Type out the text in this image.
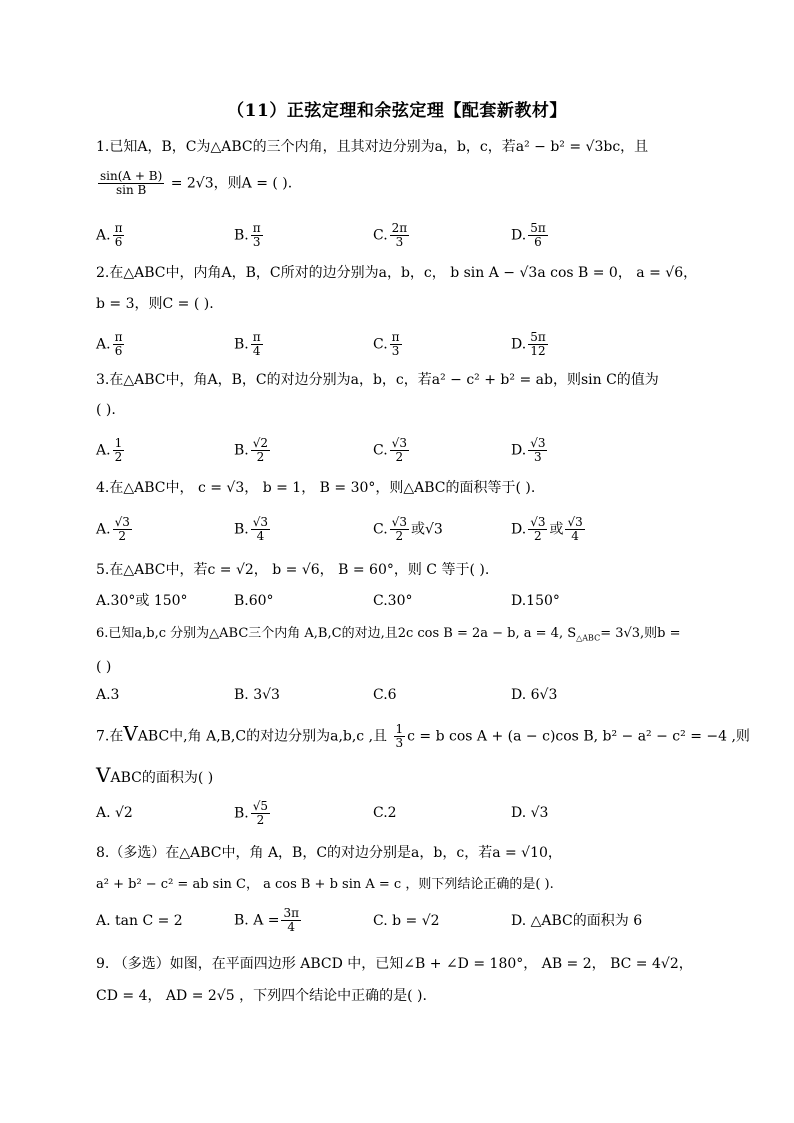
（11）正弦定理和余弦定理【配套新教材】
1.已知A，B，C为△ABC的三个内角，且其对边分别为a，b，c，若a² − b² = √3bc，且
$\frac{\sin(A + B)}{\text{sin B}} = 2√3$，则A = ( ).
A. $\frac{\pi}{6}$	B. $\frac{\pi}{3}$	C. $\frac{2\pi}{3}$	D. $\frac{5\pi}{6}$
2.在△ABC中，内角A，B，C所对的边分别为a，b，c， b sin A − √3a cos B = 0， a = √6，
b = 3，则C = ( ).
A. $\frac{\pi}{6}$	B. $\frac{\pi}{4}$	C. $\frac{\pi}{3}$	D. $\frac{5\pi}{12}$
3.在△ABC中，角A，B，C的对边分别为a，b，c，若a² − c² + b² = ab，则sin C的值为
( ).
A. $\frac{1}{2}$	B. $\frac{√2}{2}$	C. $\frac{√3}{2}$	D. $\frac{√3}{3}$
4.在△ABC中， c = √3， b = 1， B = 30°，则△ABC的面积等于( ).
A. $\frac{√3}{2}$	B. $\frac{√3}{4}$	C. $\frac{√3}{2}$ 或√3	D. $\frac{√3}{2}$ 或 $\frac{√3}{4}$
5.在△ABC中，若c = √2， b = √6， B = 60°，则 C 等于( ).
A.30°或 150°	B.60°	C.30°	D.150°
6.已知a,b,c 分别为△ABC三个内角 A,B,C的对边,且2c cos B = 2a − b, a = 4, $S_{\triangle ABC}= 3√3$,则b =
( )
A.3	B. 3√3	C.6	D. 6√3
7.在VABC中,角 A,B,C的对边分别为a,b,c ,且 $\frac{1}{3}$ c = b cos A + (a − c)cos B, b² − a² − c² = −4 ,则
VABC的面积为( )
A. √2	B. $\frac{√5}{2}$	C.2	D. √3
8.（多选）在△ABC中，角 A，B，C的对边分别是a，b，c，若a = √10，
a² + b² − c² = ab sin C， a cos B + b sin A = c ，则下列结论正确的是( ).
A. tan C = 2	B. $A = \frac{3\pi}{4}$	C. b = √2	D. △ABC的面积为 6
9. （多选）如图，在平面四边形 ABCD 中，已知∠B + ∠D = 180°， AB = 2， BC = 4√2，
CD = 4， AD = 2√5 ，下列四个结论中正确的是( ).
